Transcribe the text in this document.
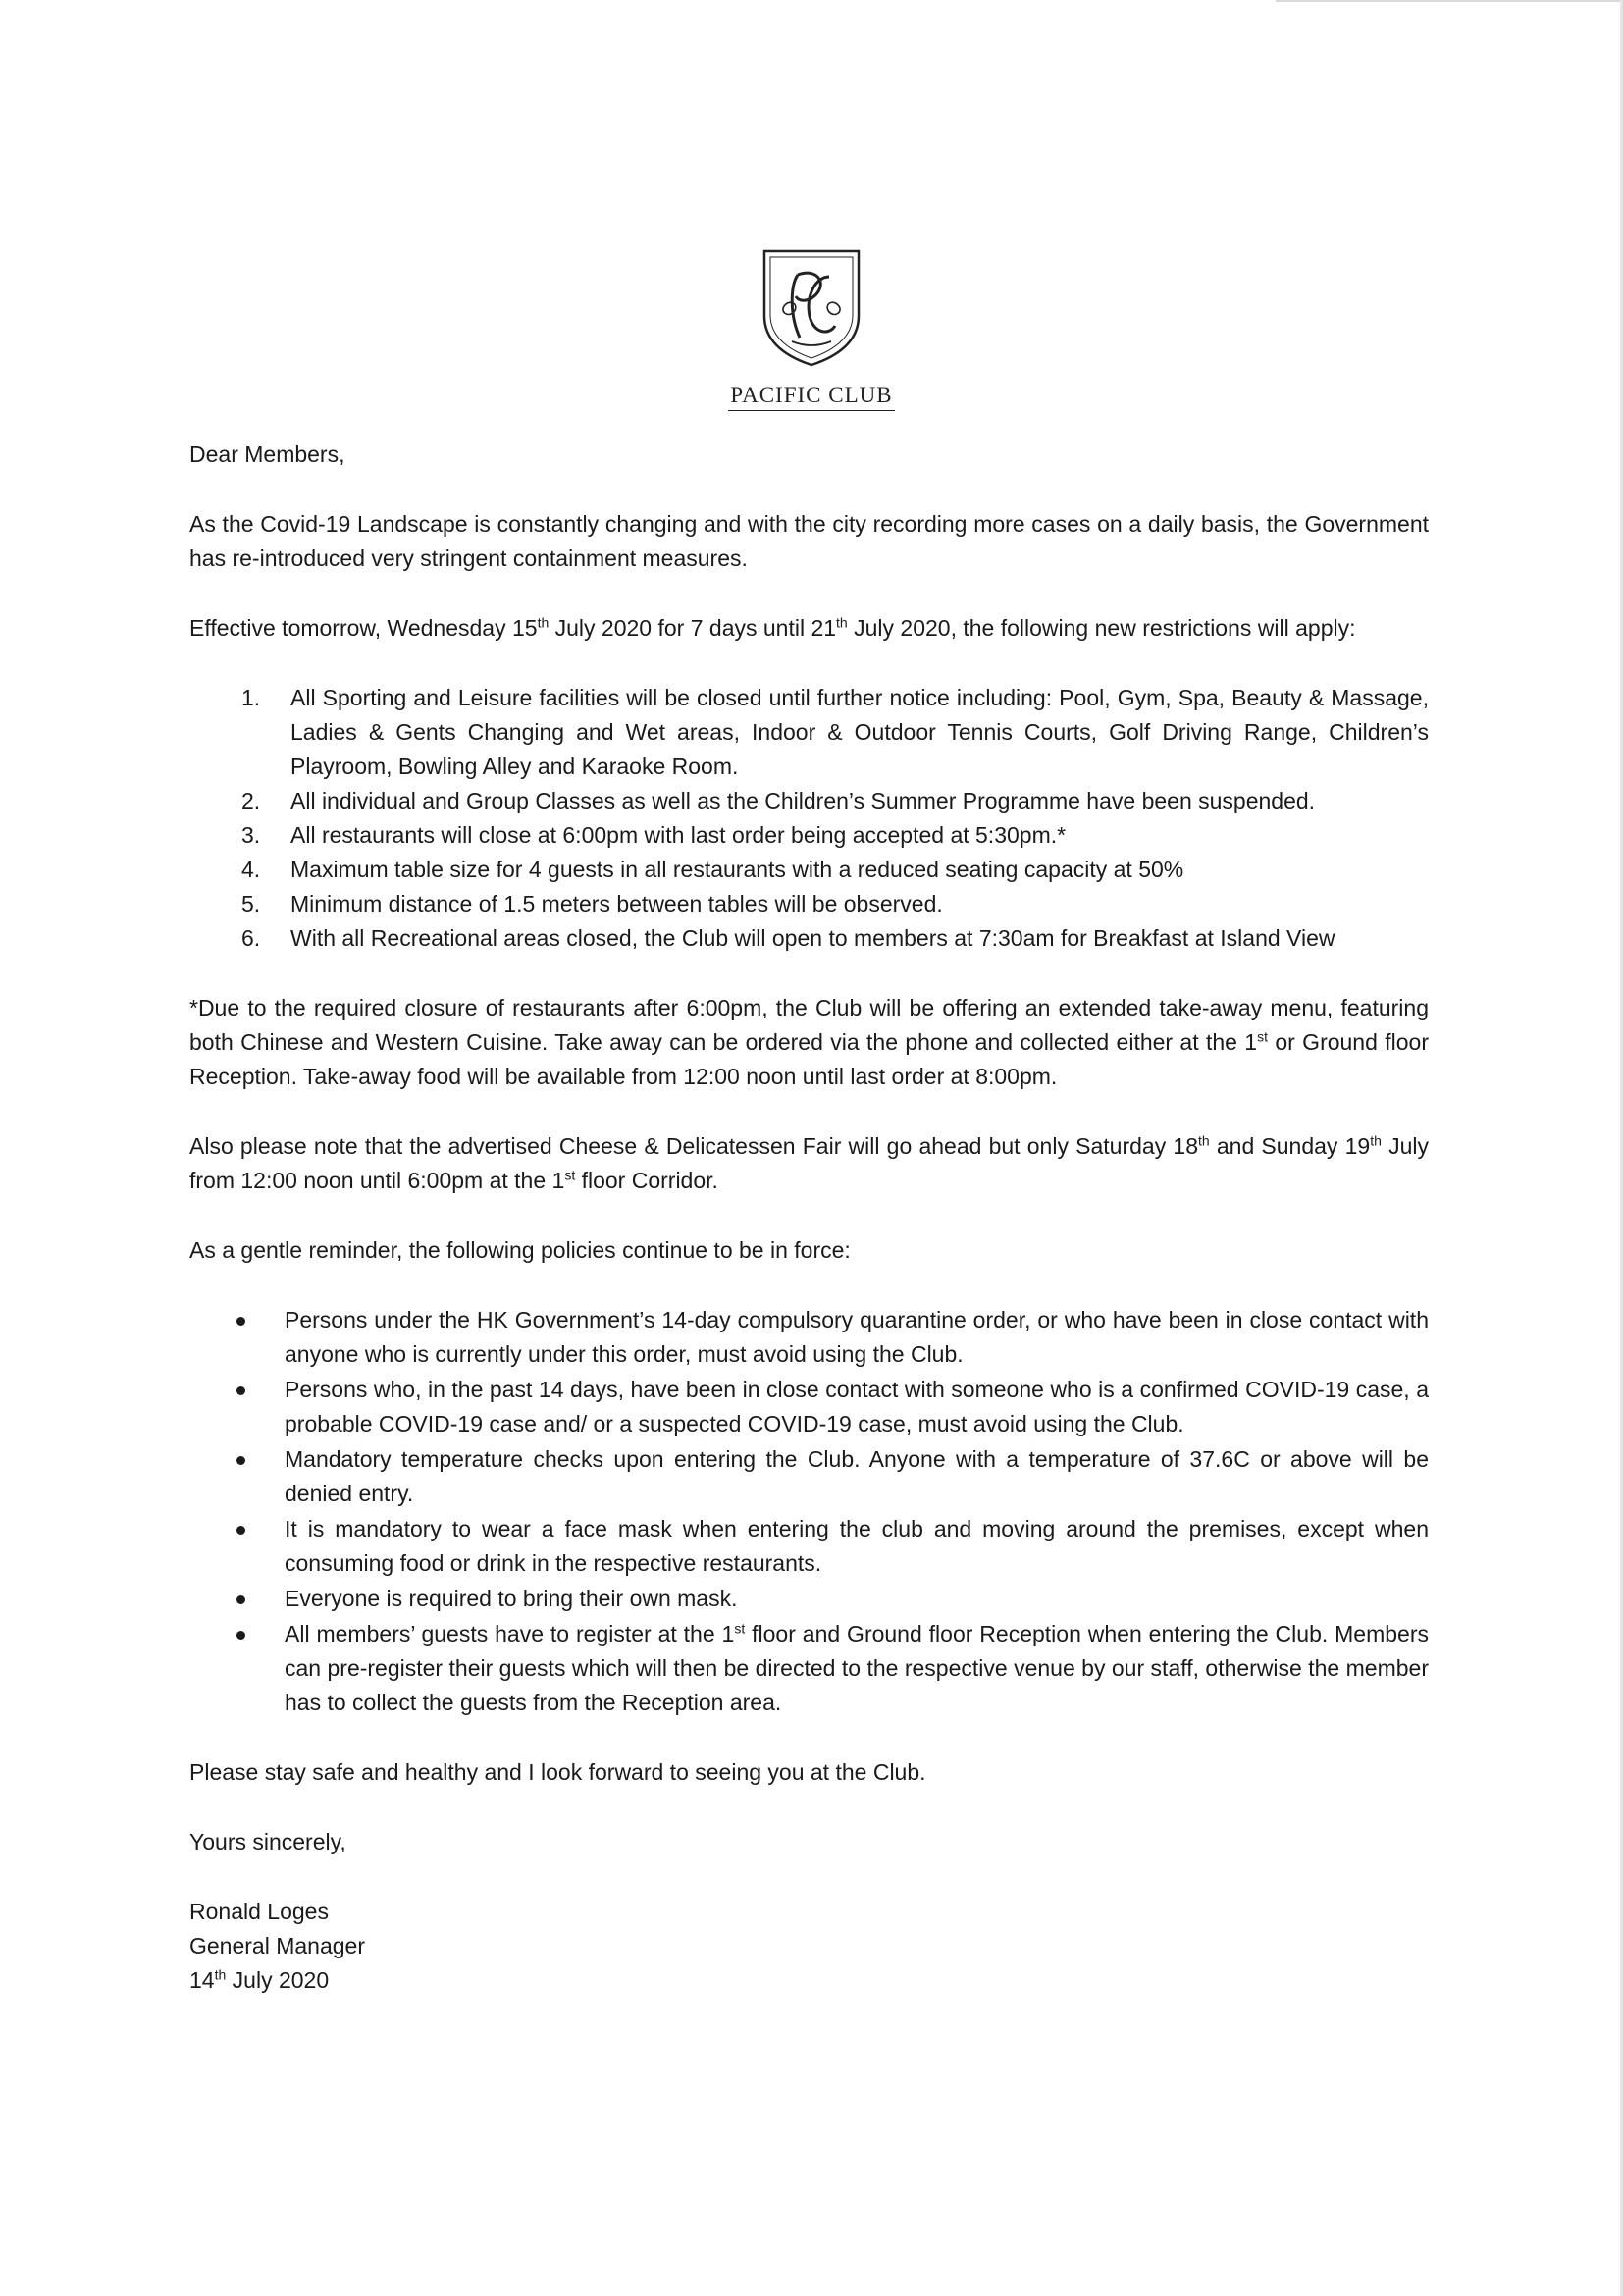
PACIFIC CLUB

Dear Members,

As the Covid-19 Landscape is constantly changing and with the city recording more cases on a daily basis, the Government has re-introduced very stringent containment measures.

Effective tomorrow, Wednesday 15th July 2020 for 7 days until 21th July 2020, the following new restrictions will apply:

1. All Sporting and Leisure facilities will be closed until further notice including: Pool, Gym, Spa, Beauty & Massage, Ladies & Gents Changing and Wet areas, Indoor & Outdoor Tennis Courts, Golf Driving Range, Children’s Playroom, Bowling Alley and Karaoke Room.
2. All individual and Group Classes as well as the Children’s Summer Programme have been suspended.
3. All restaurants will close at 6:00pm with last order being accepted at 5:30pm.*
4. Maximum table size for 4 guests in all restaurants with a reduced seating capacity at 50%
5. Minimum distance of 1.5 meters between tables will be observed.
6. With all Recreational areas closed, the Club will open to members at 7:30am for Breakfast at Island View

*Due to the required closure of restaurants after 6:00pm, the Club will be offering an extended take-away menu, featuring both Chinese and Western Cuisine. Take away can be ordered via the phone and collected either at the 1st or Ground floor Reception. Take-away food will be available from 12:00 noon until last order at 8:00pm.

Also please note that the advertised Cheese & Delicatessen Fair will go ahead but only Saturday 18th and Sunday 19th July from 12:00 noon until 6:00pm at the 1st floor Corridor.

As a gentle reminder, the following policies continue to be in force:

Persons under the HK Government’s 14-day compulsory quarantine order, or who have been in close contact with anyone who is currently under this order, must avoid using the Club.
Persons who, in the past 14 days, have been in close contact with someone who is a confirmed COVID-19 case, a probable COVID-19 case and/ or a suspected COVID-19 case, must avoid using the Club.
Mandatory temperature checks upon entering the Club. Anyone with a temperature of 37.6C or above will be denied entry.
It is mandatory to wear a face mask when entering the club and moving around the premises, except when consuming food or drink in the respective restaurants.
Everyone is required to bring their own mask.
All members’ guests have to register at the 1st floor and Ground floor Reception when entering the Club. Members can pre-register their guests which will then be directed to the respective venue by our staff, otherwise the member has to collect the guests from the Reception area.

Please stay safe and healthy and I look forward to seeing you at the Club.

Yours sincerely,

Ronald Loges
General Manager
14th July 2020
